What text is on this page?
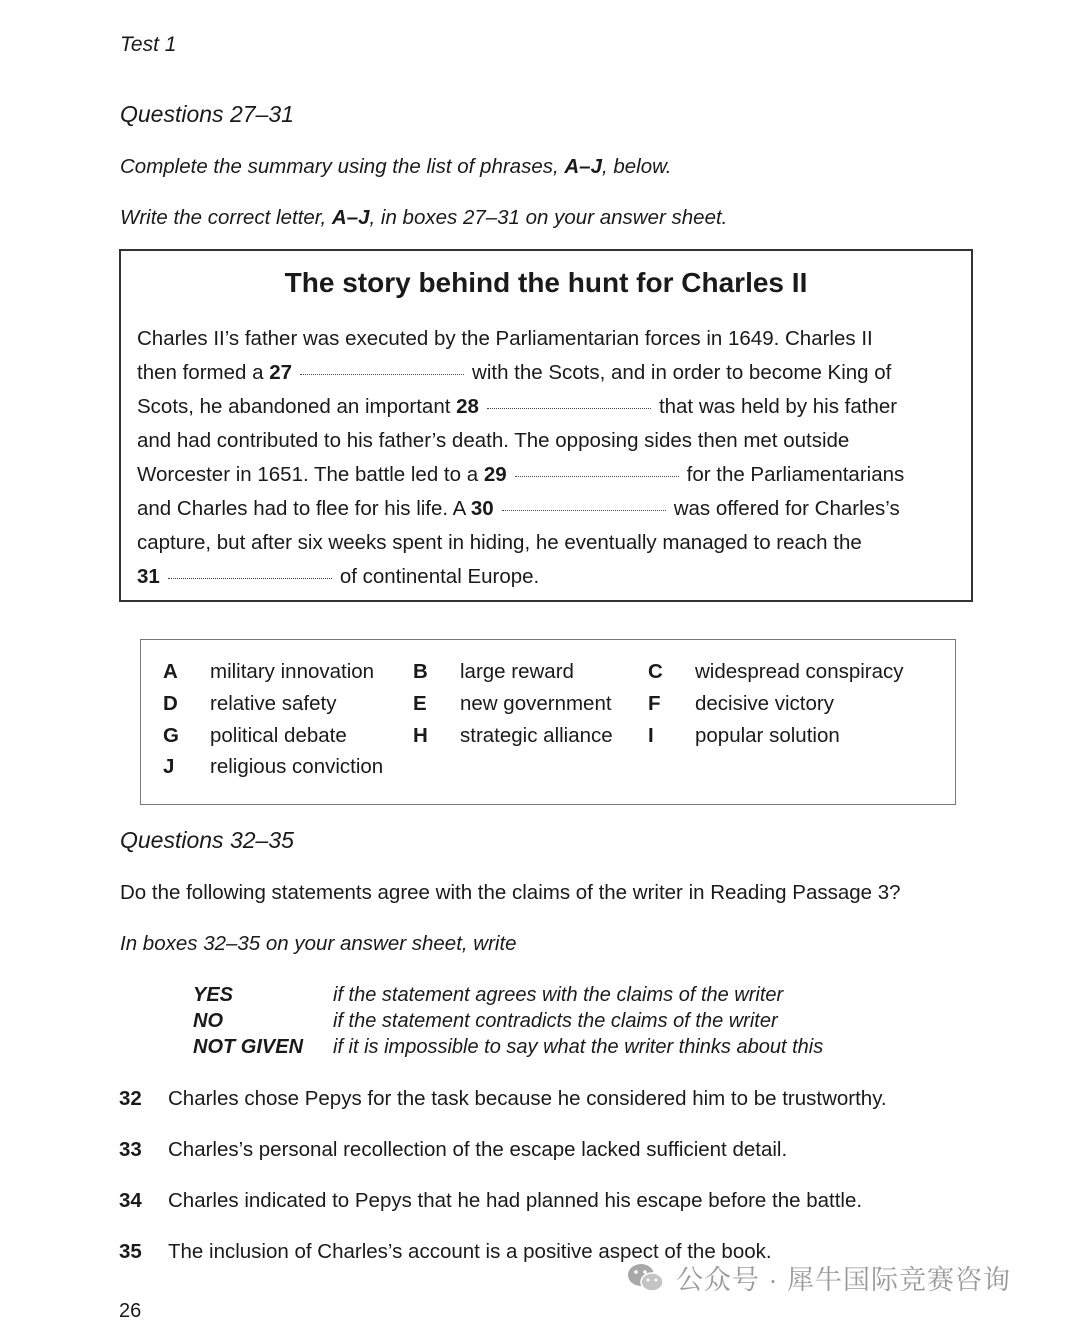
Test 1
Questions 27–31
Complete the summary using the list of phrases, A–J, below.
Write the correct letter, A–J, in boxes 27–31 on your answer sheet.
The story behind the hunt for Charles II
Charles II’s father was executed by the Parliamentarian forces in 1649. Charles II
then formed a 27	with the Scots, and in order to become King of
Scots, he abandoned an important 28	that was held by his father
and had contributed to his father’s death. The opposing sides then met outside
Worcester in 1651. The battle led to a 29	for the Parliamentarians
and Charles had to flee for his life. A 30	was offered for Charles’s
capture, but after six weeks spent in hiding, he eventually managed to reach the
31	of continental Europe.
A military innovation B large reward	C widespread conspiracy
D relative safety	E new government F decisive victory
G political debate	H strategic alliance I popular solution
J religious conviction
Questions 32–35
Do the following statements agree with the claims of the writer in Reading Passage 3?
In boxes 32–35 on your answer sheet, write
YES	if the statement agrees with the claims of the writer
NO	if the statement contradicts the claims of the writer
NOT GIVEN if it is impossible to say what the writer thinks about this
32 Charles chose Pepys for the task because he considered him to be trustworthy.
33 Charles’s personal recollection of the escape lacked sufficient detail.
34 Charles indicated to Pepys that he had planned his escape before the battle.
35 The inclusion of Charles’s account is a positive aspect of the book.
公众号 · 犀牛国际竞赛咨询
26
